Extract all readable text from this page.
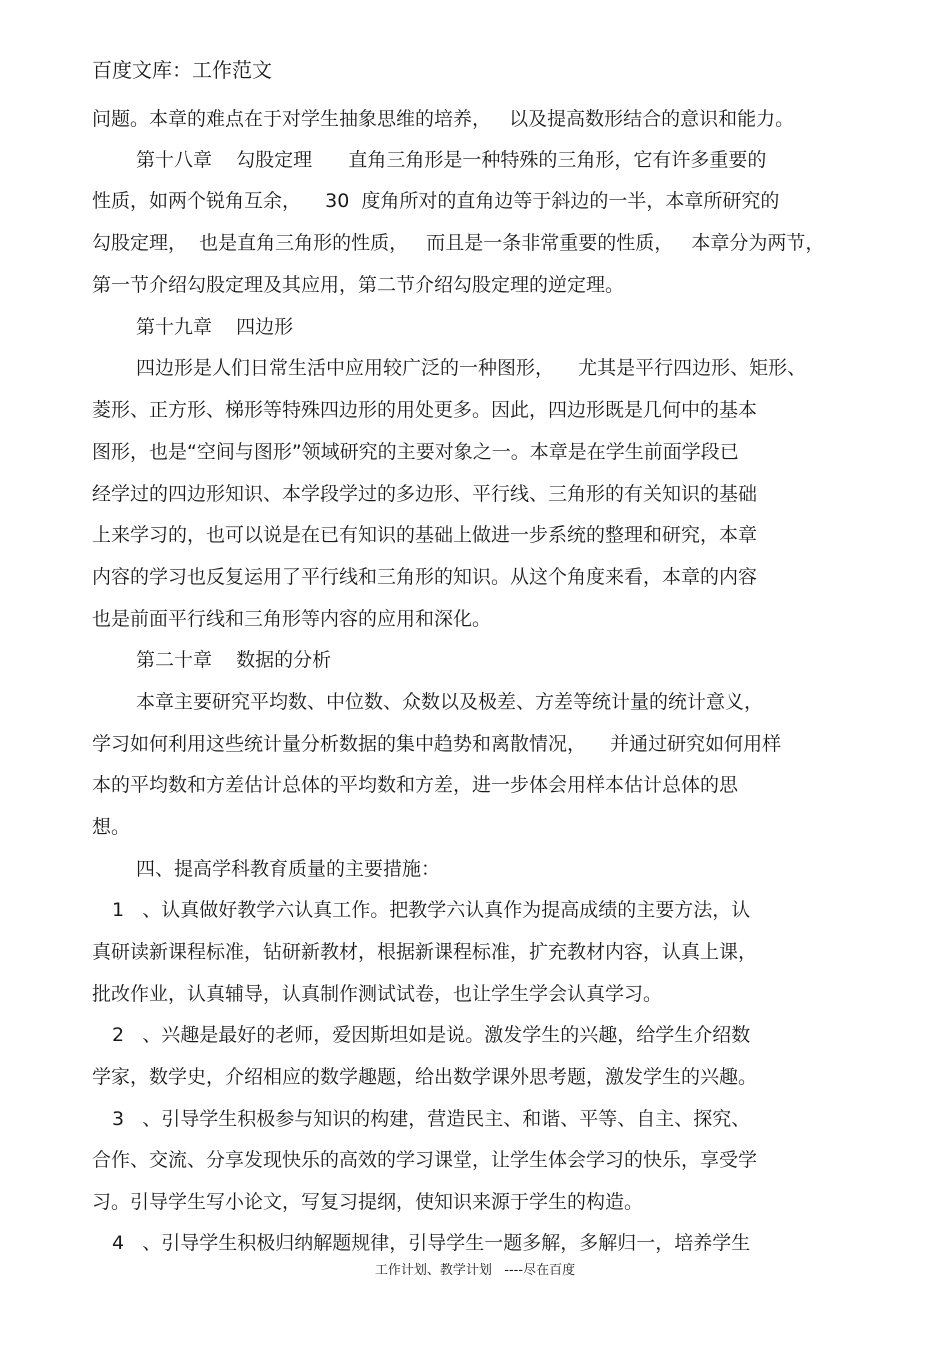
百度文库：工作范文
问题。本章的难点在于对学生抽象思维的培养，   以及提高数形结合的意识和能力。
第十八章    勾股定理      直角三角形是一种特殊的三角形，它有许多重要的
性质，如两个锐角互余，    30  度角所对的直角边等于斜边的一半，本章所研究的
勾股定理，  也是直角三角形的性质，   而且是一条非常重要的性质，   本章分为两节，
第一节介绍勾股定理及其应用，第二节介绍勾股定理的逆定理。
第十九章    四边形
四边形是人们日常生活中应用较广泛的一种图形，    尤其是平行四边形、矩形、
菱形、正方形、梯形等特殊四边形的用处更多。因此，四边形既是几何中的基本
图形，也是“空间与图形”领域研究的主要对象之一。本章是在学生前面学段已
经学过的四边形知识、本学段学过的多边形、平行线、三角形的有关知识的基础
上来学习的，也可以说是在已有知识的基础上做进一步系统的整理和研究，本章
内容的学习也反复运用了平行线和三角形的知识。从这个角度来看，本章的内容
也是前面平行线和三角形等内容的应用和深化。
第二十章    数据的分析
本章主要研究平均数、中位数、众数以及极差、方差等统计量的统计意义，
学习如何利用这些统计量分析数据的集中趋势和离散情况，    并通过研究如何用样
本的平均数和方差估计总体的平均数和方差，进一步体会用样本估计总体的思
想。
四、提高学科教育质量的主要措施：
1   、认真做好教学六认真工作。把教学六认真作为提高成绩的主要方法，认
真研读新课程标准，钻研新教材，根据新课程标准，扩充教材内容，认真上课，
批改作业，认真辅导，认真制作测试试卷，也让学生学会认真学习。
2   、兴趣是最好的老师，爱因斯坦如是说。激发学生的兴趣，给学生介绍数
学家，数学史，介绍相应的数学趣题，给出数学课外思考题，激发学生的兴趣。
3   、引导学生积极参与知识的构建，营造民主、和谐、平等、自主、探究、
合作、交流、分享发现快乐的高效的学习课堂，让学生体会学习的快乐，享受学
习。引导学生写小论文，写复习提纲，使知识来源于学生的构造。
4   、引导学生积极归纳解题规律，引导学生一题多解，多解归一，培养学生
工作计划、教学计划   ----尽在百度
